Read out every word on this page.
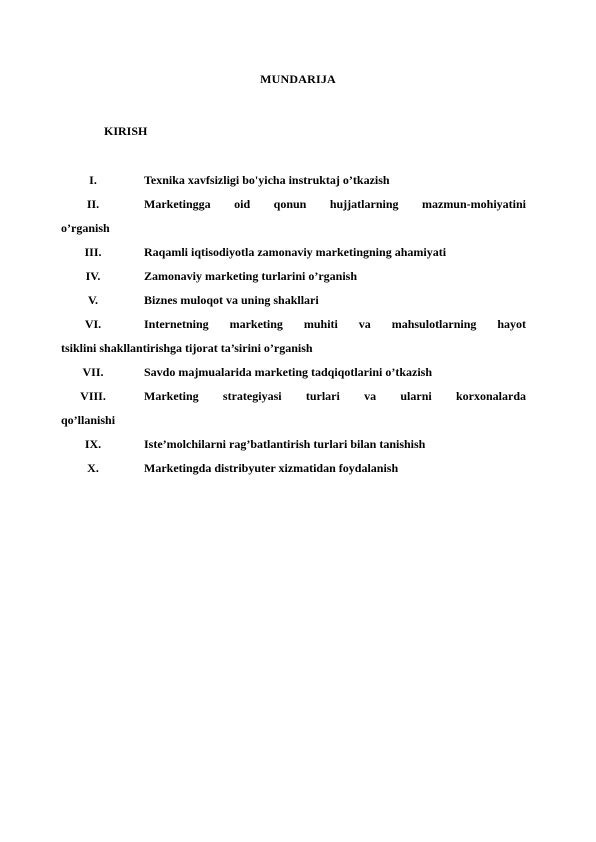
MUNDARIJA
KIRISH
I.	Texnika xavfsizligi bo'yicha instruktaj o’tkazish
II.	Marketingga oid qonun hujjatlarning mazmun-mohiyatini
o’rganish
III.	Raqamli iqtisodiyotla zamonaviy marketingning ahamiyati
IV.	Zamonaviy marketing turlarini o’rganish
V.	Biznes muloqot va uning shakllari
VI.	Internetning marketing muhiti va mahsulotlarning hayot
tsiklini shakllantirishga tijorat ta’sirini o’rganish
VII.	Savdo majmualarida marketing tadqiqotlarini o’tkazish
VIII.	Marketing strategiyasi turlari va ularni korxonalarda
qo’llanishi
IX.	Iste’molchilarni rag’batlantirish turlari bilan tanishish
X.	Marketingda distribyuter xizmatidan foydalanish
